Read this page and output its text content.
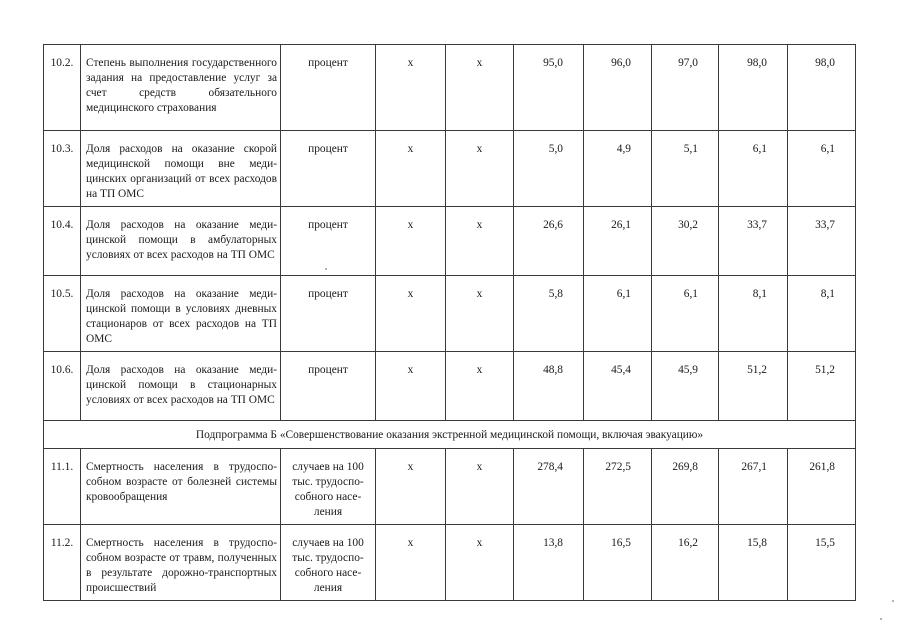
10.2.	Степень выполнения государственного задания на предоставление услуг за счет средств обязательного медицинского страхования	процент	х	х	95,0	96,0	97,0	98,0	98,0
10.3.	Доля расходов на оказание скорой медицинской помощи вне медицинских организаций от всех расходов на ТП ОМС	процент	х	х	5,0	4,9	5,1	6,1	6,1
10.4.	Доля расходов на оказание медицинской помощи в амбулаторных условиях от всех расходов на ТП ОМС	процент	х	х	26,6	26,1	30,2	33,7	33,7
10.5.	Доля расходов на оказание медицинской помощи в условиях дневных стационаров от всех расходов на ТП ОМС	процент	х	х	5,8	6,1	6,1	8,1	8,1
10.6.	Доля расходов на оказание медицинской помощи в стационарных условиях от всех расходов на ТП ОМС	процент	х	х	48,8	45,4	45,9	51,2	51,2
Подпрограмма Б «Совершенствование оказания экстренной медицинской помощи, включая эвакуацию»									
11.1.	Смертность населения в трудоспособном возрасте от болезней системы кровообращения	случаев на 100 тыс. трудоспособного населения	х	х	278,4	272,5	269,8	267,1	261,8
11.2.	Смертность населения в трудоспособном возрасте от травм, полученных в результате дорожно-транспортных происшествий	случаев на 100 тыс. трудоспособного населения	х	х	13,8	16,5	16,2	15,8	15,5
